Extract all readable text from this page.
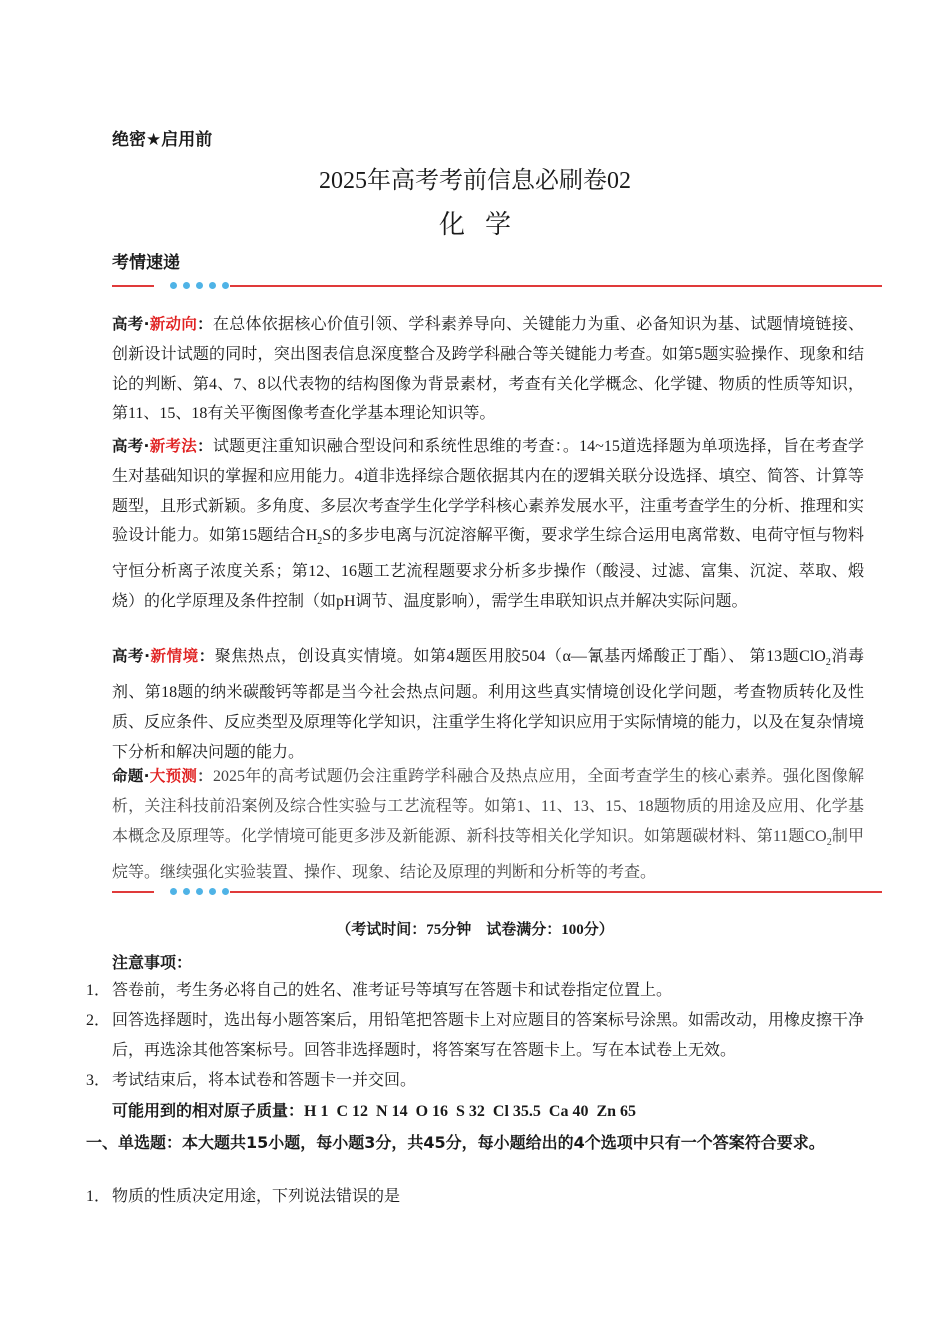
绝密★启用前
2025年高考考前信息必刷卷02
化学
考情速递
高考·新动向：在总体依据核心价值引领、学科素养导向、关键能力为重、必备知识为基、试题情境链接、创新设计试题的同时，突出图表信息深度整合及跨学科融合等关键能力考查。如第5题实验操作、现象和结论的判断、第4、7、8以代表物的结构图像为背景素材，考查有关化学概念、化学键、物质的性质等知识，第11、15、18有关平衡图像考查化学基本理论知识等。
高考·新考法：试题更注重知识融合型设问和系统性思维的考查：。14~15道选择题为单项选择，旨在考查学生对基础知识的掌握和应用能力。4道非选择综合题依据其内在的逻辑关联分设选择、填空、简答、计算等题型，且形式新颖。多角度、多层次考查学生化学学科核心素养发展水平，注重考查学生的分析、推理和实验设计能力。如第15题结合$H_2S$的多步电离与沉淀溶解平衡，要求学生综合运用电离常数、电荷守恒与物料守恒分析离子浓度关系；第12、16题工艺流程题要求分析多步操作（酸浸、过滤、富集、沉淀、萃取、煅烧）的化学原理及条件控制（如pH调节、温度影响），需学生串联知识点并解决实际问题。
高考·新情境：聚焦热点，创设真实情境。如第4题医用胶504（α—氰基丙烯酸正丁酯）、 第13题ClO$_2$消毒剂、第18题的纳米碳酸钙等都是当今社会热点问题。利用这些真实情境创设化学问题，考查物质转化及性质、反应条件、反应类型及原理等化学知识，注重学生将化学知识应用于实际情境的能力，以及在复杂情境下分析和解决问题的能力。
命题·大预测：2025年的高考试题仍会注重跨学科融合及热点应用，全面考查学生的核心素养。强化图像解析，关注科技前沿案例及综合性实验与工艺流程等。如第1、11、13、15、18题物质的用途及应用、化学基本概念及原理等。化学情境可能更多涉及新能源、新科技等相关化学知识。如第题碳材料、第11题$CO_2$制甲烷等。继续强化实验装置、操作、现象、结论及原理的判断和分析等的考查。
（考试时间：75分钟　试卷满分：100分）
注意事项：
1． 答卷前，考生务必将自己的姓名、准考证号等填写在答题卡和试卷指定位置上。
2． 回答选择题时，选出每小题答案后，用铅笔把答题卡上对应题目的答案标号涂黑。如需改动，用橡皮擦干净后，再选涂其他答案标号。回答非选择题时，将答案写在答题卡上。写在本试卷上无效。
3． 考试结束后，将本试卷和答题卡一并交回。
可能用到的相对原子质量：H 1  C 12  N 14  O 16  S 32  Cl 35.5  Ca 40  Zn 65
一、单选题：本大题共15小题，每小题3分，共45分，每小题给出的4个选项中只有一个答案符合要求。
1． 物质的性质决定用途，下列说法错误的是
